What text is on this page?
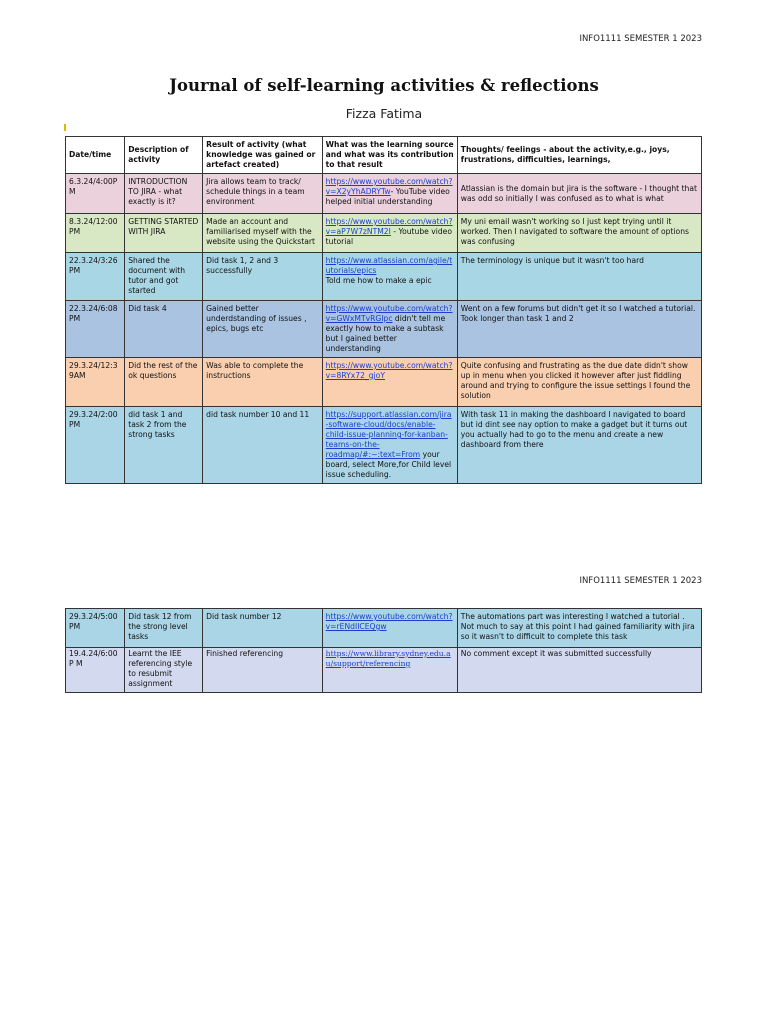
INFO1111 SEMESTER 1 2023
Journal of self-learning activities & reflections
Fizza Fatima
Date/time	Description of activity	Result of activity (what knowledge was gained or artefact created)	What was the learning source and what was its contribution to that result	Thoughts/ feelings - about the activity,e.g., joys, frustrations, difficulties, learnings,
6.3.24/4:00P M	INTRODUCTION TO JIRA - what exactly is it?	Jira allows team to track/ schedule things in a team environment	https://www.youtube.com/watch?v=X2yYhADRYTw- YouTube video helped initial understanding	Atlassian is the domain but jira is the software - I thought that was odd so initially I was confused as to what is what
8.3.24/12:00 PM	GETTING STARTED WITH JIRA	Made an account and familiarised myself with the website using the Quickstart	https://www.youtube.com/watch?v=aP7W7zNTM2I - Youtube video tutorial	My uni email wasn't working so I just kept trying until it worked. Then I navigated to software the amount of options was confusing
22.3.24/3:26 PM	Shared the document with tutor and got started	Did task 1, 2 and 3 successfully	https://www.atlassian.com/agile/tutorials/epics
Told me how to make a epic	The terminology is unique but it wasn't too hard
22.3.24/6:08 PM	Did task 4	Gained better underdstanding of issues , epics, bugs etc	https://www.youtube.com/watch?v=GWxMTvRGIpc didn't tell me exactly how to make a subtask but I gained better understanding	Went on a few forums but didn't get it so I watched a tutorial. Took longer than task 1 and 2
29.3.24/12:3 9AM	Did the rest of the ok questions	Was able to complete the instructions	https://www.youtube.com/watch?v=8RYx72_gjoY	Quite confusing and frustrating as the due date didn't show up in menu when you clicked it however after just fiddling around and trying to configure the issue settings I found the solution
29.3.24/2:00 PM	did task 1 and task 2 from the strong tasks	did task number 10 and 11	https://support.atlassian.com/jira-software-cloud/docs/enable-child-issue-planning-for-kanban-teams-on-the-roadmap/#:~:text=From your board, select More,for Child level issue scheduling.	With task 11 in making the dashboard I navigated to board but id dint see nay option to make a gadget but it turns out you actually had to go to the menu and create a new dashboard from there
INFO1111 SEMESTER 1 2023
29.3.24/5:00 PM	Did task 12 from the strong level tasks	Did task number 12	https://www.youtube.com/watch?v=rENdIICEQgw	The automations part was interesting I watched a tutorial . Not much to say at this point I had gained familiarity with jira so it wasn't to difficult to complete this task
19.4.24/6:00P M	Learnt the IEE referencing style to resubmit assignment	Finished referencing	https://www.library.sydney.edu.au/support/referencing	No comment except it was submitted successfully
